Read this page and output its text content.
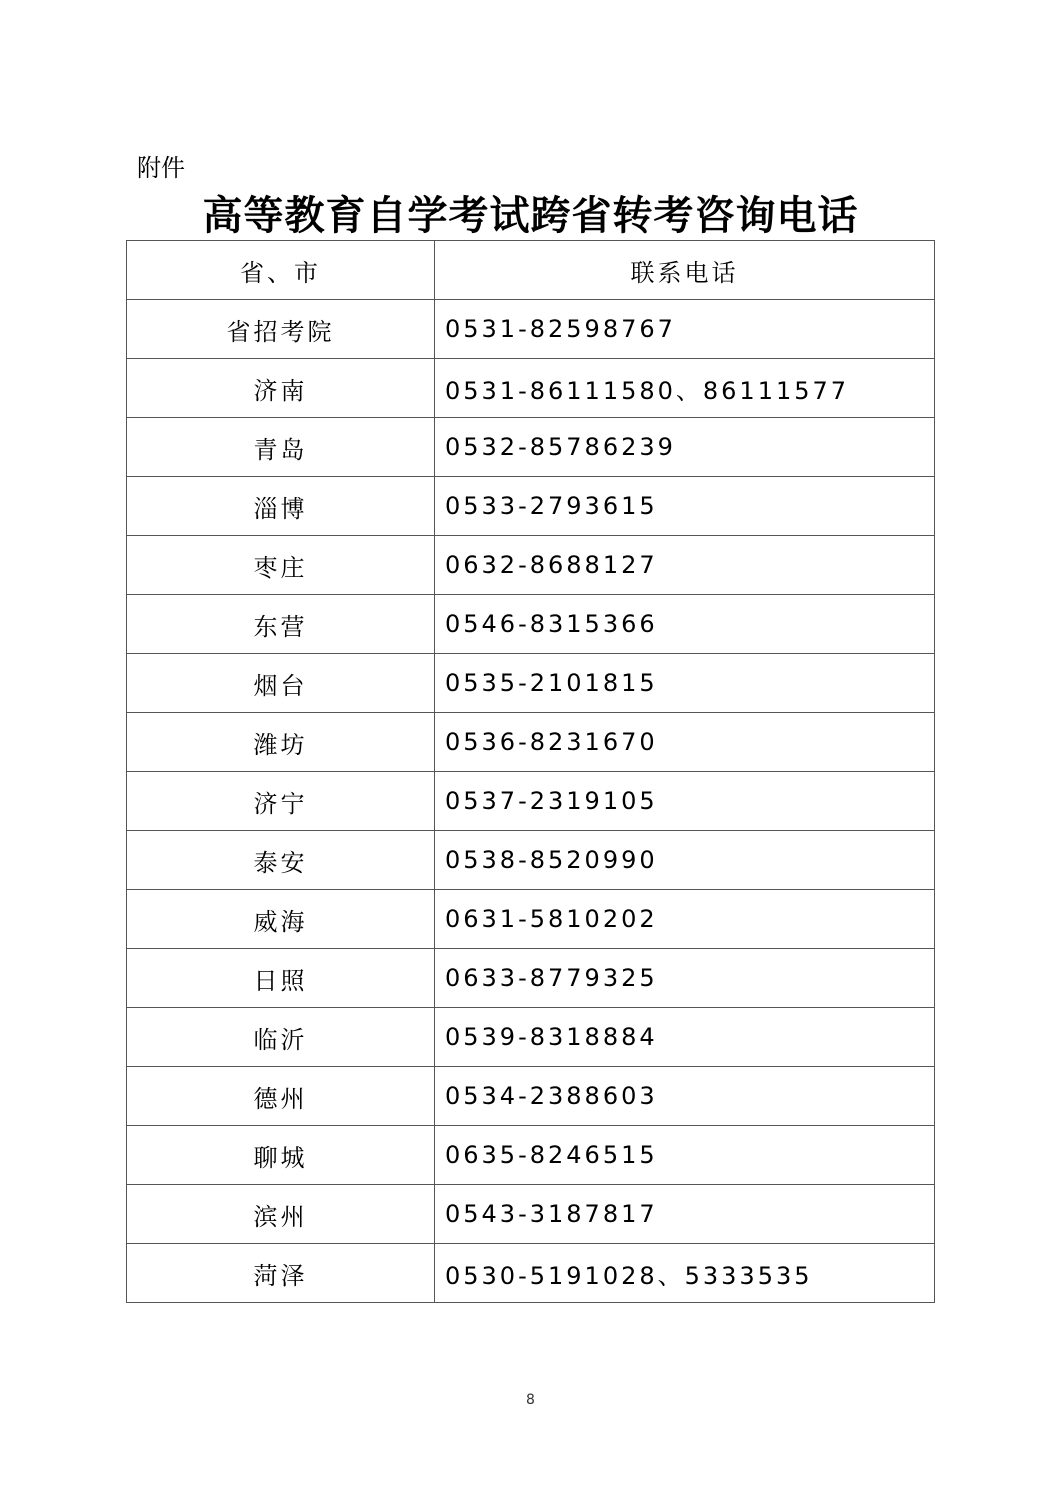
附件
高等教育自学考试跨省转考咨询电话
省、市	联系电话
省招考院	0531-82598767
济南	0531-86111580、86111577
青岛	0532-85786239
淄博	0533-2793615
枣庄	0632-8688127
东营	0546-8315366
烟台	0535-2101815
潍坊	0536-8231670
济宁	0537-2319105
泰安	0538-8520990
威海	0631-5810202
日照	0633-8779325
临沂	0539-8318884
德州	0534-2388603
聊城	0635-8246515
滨州	0543-3187817
菏泽	0530-5191028、5333535
8
